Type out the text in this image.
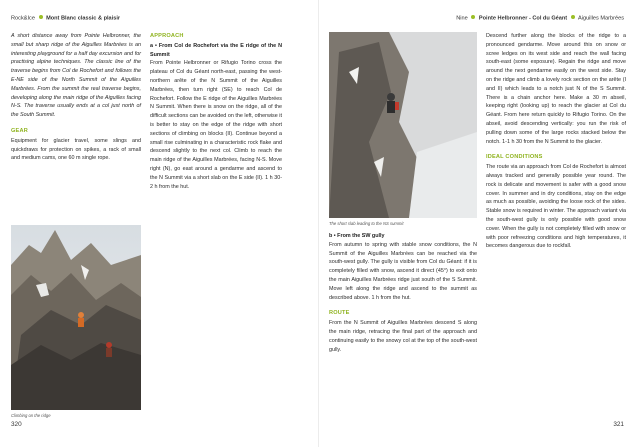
Rock&Ice Mont Blanc classic & plaisir

A short distance away from Pointe Helbronner, the small but sharp ridge of the Aiguilles Marbrées is an interesting playground for a half day excursion and for practising alpine techniques. The classic line of the traverse begins from Col de Rochefort and follows the E-NE side of the North Summit of the Aiguilles Marbrées. From the summit the real traverse begins, developing along the main ridge of the Aiguilles facing N-S. The traverse usually ends at a col just north of the South Summit.

GEAR

Equipment for glacier travel, some slings and quickdraws for protection on spikes, a rack of small and medium cams, one 60 m single rope.

Climbing on the ridge
APPROACH

a • From Col de Rochefort via the E ridge of the N Summit

From Pointe Helbronner or Rifugio Torino cross the plateau of Col du Géant north-east, passing the west-northern arête of the N Summit of the Aiguilles Marbrées, then turn right (SE) to reach Col de Rochefort. Follow the E ridge of the Aiguilles Marbrées N Summit. When there is snow on the ridge, all of the difficult sections can be avoided on the left, otherwise it is better to stay on the edge of the ridge with short sections of climbing on blocks (II). Continue beyond a small rise culminating in a characteristic rock flake and descend slightly to the next col. Climb to reach the main ridge of the Aiguilles Marbrées, facing N-S. Move right (N), go east around a gendarme and ascend to the N Summit via a short slab on the E side (II). 1 h 30-2 h from the hut.

320
Nine Pointe Helbronner - Col du Géant Aiguilles Marbrées
The short slab leading to the NS summit

b • From the SW gully

From autumn to spring with stable snow conditions, the N Summit of the Aiguilles Marbrées can be reached via the south-west gully. The gully is visible from Col du Géant: if it is completely filled with snow, ascend it direct (45°) to exit onto the main Aiguilles Marbrées ridge just south of the S Summit. Move left along the ridge and ascend to the summit as described above. 1 h from the hut.

ROUTE

From the N Summit of Aiguilles Marbrées descend S along the main ridge, retracing the final part of the approach and continuing easily to the snowy col at the top of the south-west gully.

Descend further along the blocks of the ridge to a pronounced gendarme. Move around this on snow or scree ledges on its west side and reach the wall facing south-east (some exposure). Regain the ridge and move around the next gendarme easily on the west side. Stay on the ridge and climb a lovely rock section on the arête (I and II) which leads to a notch just N of the S Summit. There is a chain anchor here. Make a 30 m abseil, keeping right (looking up) to reach the glacier at Col du Géant. From here return quickly to Rifugio Torino. On the abseil, avoid descending vertically: you run the risk of pulling down some of the large rocks stacked below the notch. 1-1 h 30 from the N Summit to the glacier.

IDEAL CONDITIONS

The route via an approach from Col de Rochefort is almost always tracked and generally possible year round. The rock is delicate and movement is safer with a good snow cover. In summer and in dry conditions, stay on the edge as much as possible, avoiding the loose rock of the sides. Stable snow is required in winter. The approach variant via the south-west gully is only possible with good snow cover. When the gully is not completely filled with snow or with poor refreezing conditions and high temperatures, it becomes dangerous due to rockfall.

321
